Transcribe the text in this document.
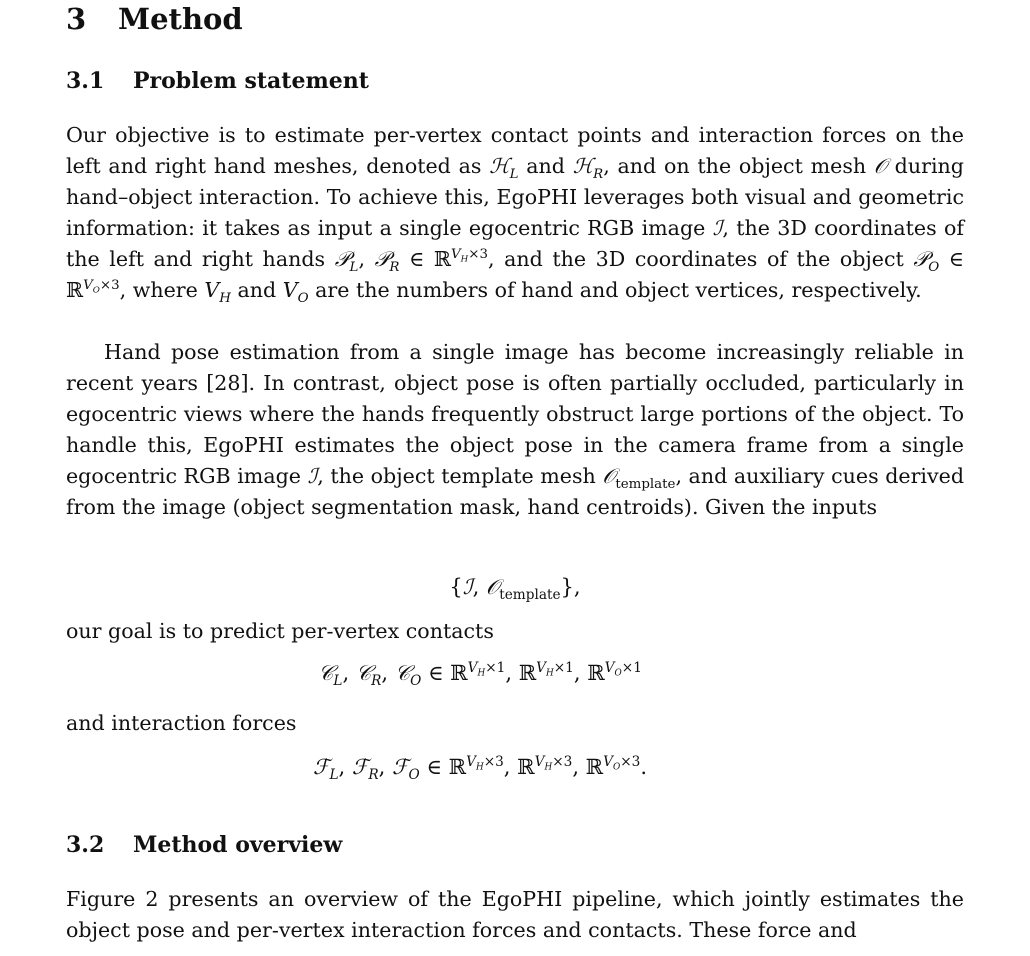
3 Method
3.1 Problem statement

Our objective is to estimate per-vertex contact points and interaction forces on the left and right hand meshes, denoted as ℋ$_L$ and ℋ$_R$, and on the object mesh 𝒪 during hand–object interaction. To achieve this, EgoPHI leverages both visual and geometric information: it takes as input a single egocentric RGB image ℐ, the 3D coordinates of the left and right hands 𝒫$_L$, 𝒫$_R$ ∈ ℝ$^{V_H\times 3}$, and the 3D coordinates of the object 𝒫$_O$ ∈ ℝ$^{V_O\times 3}$, where $V_H$ and $V_O$ are the numbers of hand and object vertices, respectively.

Hand pose estimation from a single image has become increasingly reliable in recent years [28]. In contrast, object pose is often partially occluded, particularly in egocentric views where the hands frequently obstruct large portions of the object. To handle this, EgoPHI estimates the object pose in the camera frame from a single egocentric RGB image ℐ, the object template mesh 𝒪$_{template}$, and auxiliary cues derived from the image (object segmentation mask, hand centroids). Given the inputs

{ℐ, 𝒪$_{template}$},

our goal is to predict per-vertex contacts

𝒞$_L$, 𝒞$_R$, 𝒞$_O$ ∈ ℝ$^{V_H\times 1}$, ℝ$^{V_H\times 1}$, ℝ$^{V_O\times 1}$

and interaction forces

ℱ$_L$, ℱ$_R$, ℱ$_O$ ∈ ℝ$^{V_H\times 3}$, ℝ$^{V_H\times 3}$, ℝ$^{V_O\times 3}$.
3.2 Method overview

Figure 2 presents an overview of the EgoPHI pipeline, which jointly estimates the object pose and per-vertex interaction forces and contacts. These force and
